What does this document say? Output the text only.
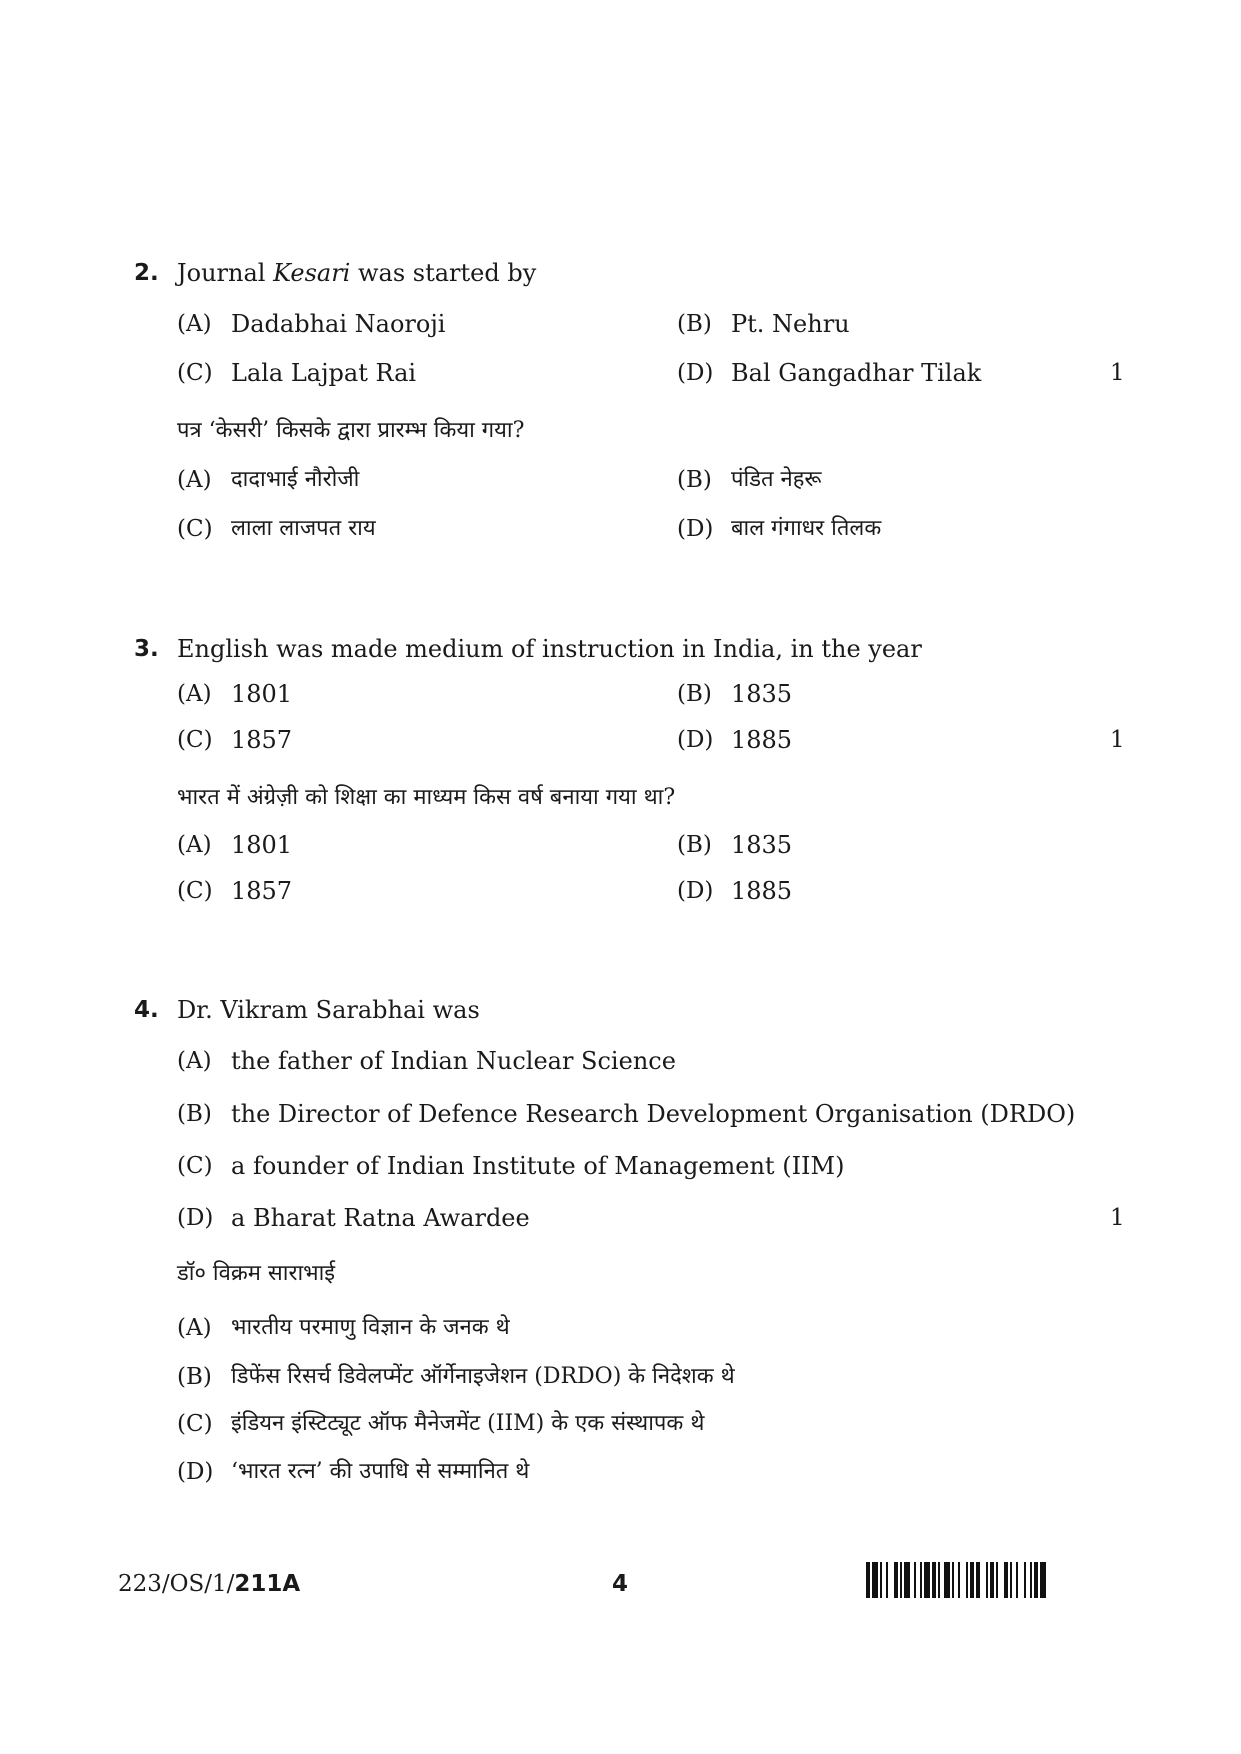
2. Journal Kesari was started by
(A) Dadabhai Naoroji	(B) Pt. Nehru
(C) Lala Lajpat Rai	(D) Bal Gangadhar Tilak	1
पत्र ‘केसरी’ किसके द्वारा प्रारम्भ किया गया?
(A) दादाभाई नौरोजी	(B) पंडित नेहरू
(C) लाला लाजपत राय	(D) बाल गंगाधर तिलक
3. English was made medium of instruction in India, in the year
(A) 1801	(B) 1835
(C) 1857	(D) 1885	1
भारत में अंग्रेज़ी को शिक्षा का माध्यम किस वर्ष बनाया गया था?
(A) 1801	(B) 1835
(C) 1857	(D) 1885
4. Dr. Vikram Sarabhai was
(A) the father of Indian Nuclear Science
(B) the Director of Defence Research Development Organisation (DRDO)
(C) a founder of Indian Institute of Management (IIM)
(D) a Bharat Ratna Awardee	1
डॉ० विक्रम साराभाई
(A) भारतीय परमाणु विज्ञान के जनक थे
(B) डिफेंस रिसर्च डिवेलप्मेंट ऑर्गेनाइजेशन (DRDO) के निदेशक थे
(C) इंडियन इंस्टिट्यूट ऑफ मैनेजमेंट (IIM) के एक संस्थापक थे
(D) ‘भारत रत्न’ की उपाधि से सम्मानित थे
223/OS/1/211A	4
